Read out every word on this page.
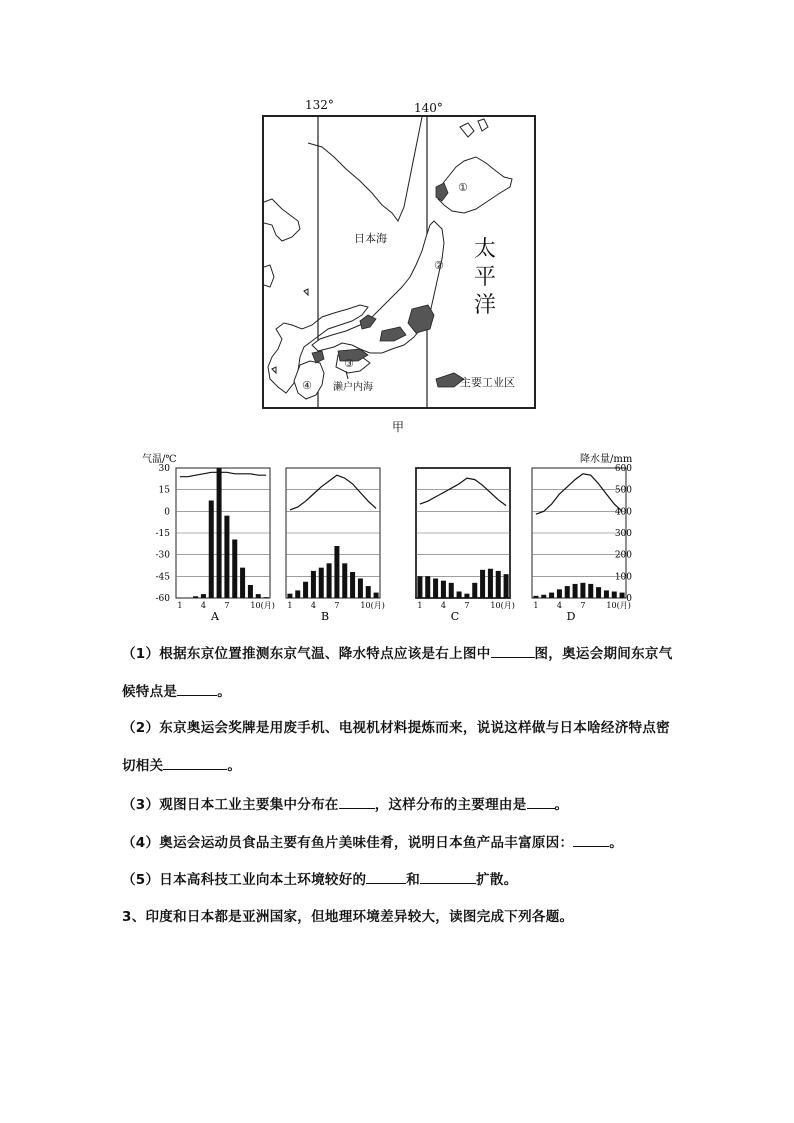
132°	140°
①
②
③
④
日本海	太
平
洋
濑户内海	主要工业区
甲
气温/℃	降水量/mm
30
15
0
-15
-30
-45
-60
600
500
400
300
200
100
0
1 4 7	10(月)
A
1 4 7	10(月)
B
1 4 7	10(月)
C
1 4 7	10(月)
D
（1）根据东京位置推测东京气温、降水特点应该是右上图中	图，奥运会期间东京气
候特点是	。
（2）东京奥运会奖牌是用废手机、电视机材料提炼而来，说说这样做与日本啥经济特点密
切相关	。
（3）观图日本工业主要集中分布在	，这样分布的主要理由是 。
（4）奥运会运动员食品主要有鱼片美味佳肴，说明日本鱼产品丰富原因：	。
（5）日本高科技工业向本土环境较好的	和	扩散。
3、印度和日本都是亚洲国家，但地理环境差异较大，读图完成下列各题。
